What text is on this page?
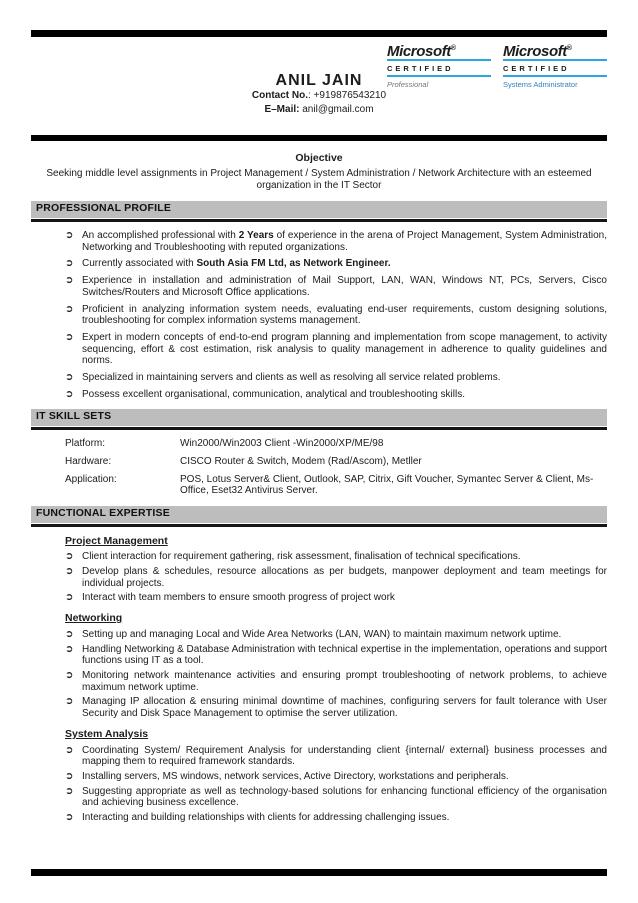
Microsoft®
CERTIFIED
Professional
Microsoft®
CERTIFIED
Systems Administrator
ANIL JAIN
Contact No.: +919876543210
E–Mail: anil@gmail.com
Objective
Seeking middle level assignments in Project Management / System Administration / Network Architecture with an esteemed organization in the IT Sector
PROFESSIONAL PROFILE
➲ An accomplished professional with 2 Years of experience in the arena of Project Management, System Administration, Networking and Troubleshooting with reputed organizations.
➲ Currently associated with South Asia FM Ltd, as Network Engineer.
➲ Experience in installation and administration of Mail Support, LAN, WAN, Windows NT, PCs, Servers, Cisco Switches/Routers and Microsoft Office applications.
➲ Proficient in analyzing information system needs, evaluating end-user requirements, custom designing solutions, troubleshooting for complex information systems management.
➲ Expert in modern concepts of end-to-end program planning and implementation from scope management, to activity sequencing, effort & cost estimation, risk analysis to quality management in adherence to quality guidelines and norms.
➲ Specialized in maintaining servers and clients as well as resolving all service related problems.
➲ Possess excellent organisational, communication, analytical and troubleshooting skills.
IT SKILL SETS
Platform:	Win2000/Win2003 Client -Win2000/XP/ME/98
Hardware:	CISCO Router & Switch, Modem (Rad/Ascom), Metller
Application:	POS, Lotus Server& Client, Outlook, SAP, Citrix, Gift Voucher, Symantec Server & Client, Ms-Office, Eset32 Antivirus Server.
FUNCTIONAL EXPERTISE
Project Management
➲ Client interaction for requirement gathering, risk assessment, finalisation of technical specifications.
➲ Develop plans & schedules, resource allocations as per budgets, manpower deployment and team meetings for individual projects.
➲ Interact with team members to ensure smooth progress of project work
Networking
➲ Setting up and managing Local and Wide Area Networks (LAN, WAN) to maintain maximum network uptime.
➲ Handling Networking & Database Administration with technical expertise in the implementation, operations and support functions using IT as a tool.
➲ Monitoring network maintenance activities and ensuring prompt troubleshooting of network problems, to achieve maximum network uptime.
➲ Managing IP allocation & ensuring minimal downtime of machines, configuring servers for fault tolerance with User Security and Disk Space Management to optimise the server utilization.
System Analysis
➲ Coordinating System/ Requirement Analysis for understanding client {internal/ external} business processes and mapping them to required framework standards.
➲ Installing servers, MS windows, network services, Active Directory, workstations and peripherals.
➲ Suggesting appropriate as well as technology-based solutions for enhancing functional efficiency of the organisation and achieving business excellence.
➲ Interacting and building relationships with clients for addressing challenging issues.
